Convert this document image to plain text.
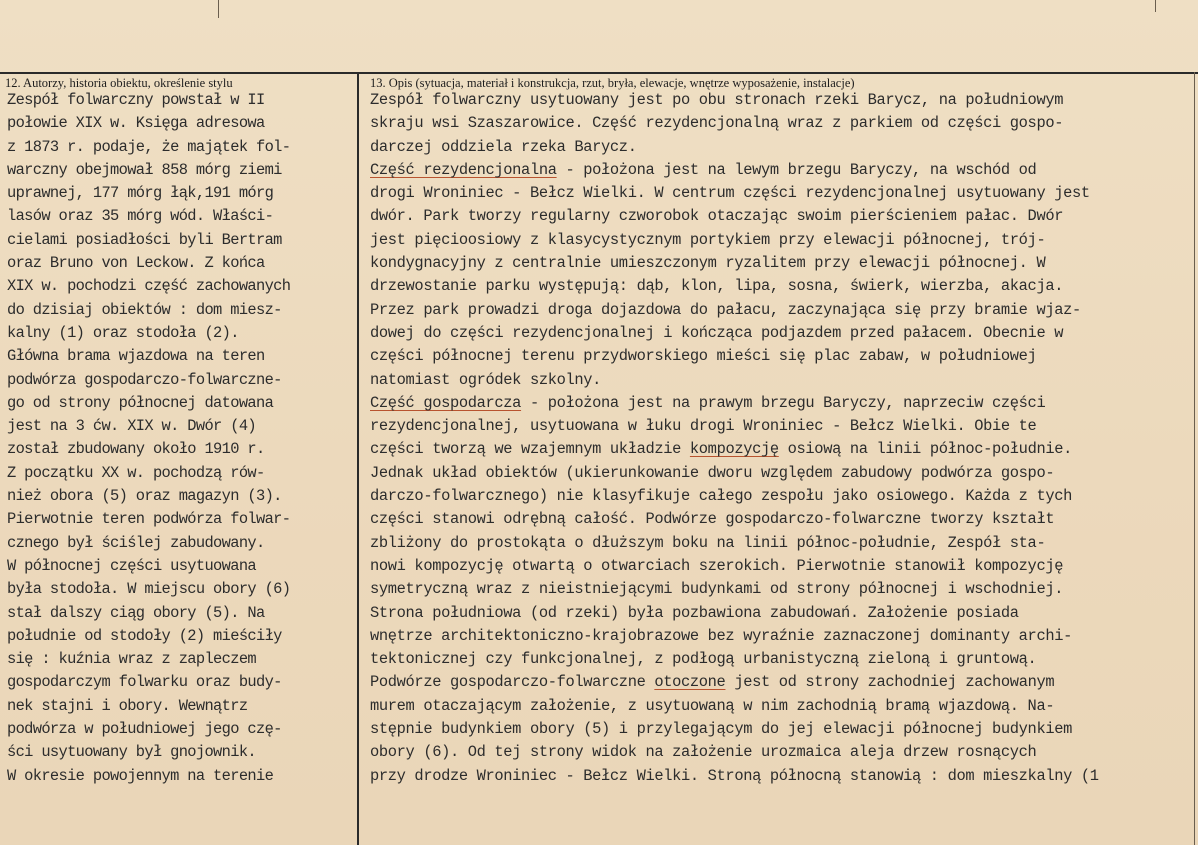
12. Autorzy, historia obiektu, określenie stylu	13. Opis (sytuacja, materiał i konstrukcja, rzut, bryła, elewacje, wnętrze wyposażenie, instalacje)
Zespół folwarczny powstał w II
połowie XIX w. Księga adresowa
z 1873 r. podaje, że majątek fol-
warczny obejmował 858 mórg ziemi
uprawnej, 177 mórg łąk,191 mórg
lasów oraz 35 mórg wód. Właści-
cielami posiadłości byli Bertram
oraz Bruno von Leckow. Z końca
XIX w. pochodzi część zachowanych
do dzisiaj obiektów : dom miesz-
kalny (1) oraz stodoła (2).
Główna brama wjazdowa na teren
podwórza gospodarczo-folwarczne-
go od strony północnej datowana
jest na 3 ćw. XIX w. Dwór (4)
został zbudowany około 1910 r.
Z początku XX w. pochodzą rów-
nież obora (5) oraz magazyn (3).
Pierwotnie teren podwórza folwar-
cznego był ściślej zabudowany.
W północnej części usytuowana
była stodoła. W miejscu obory (6)
stał dalszy ciąg obory (5). Na
południe od stodoły (2) mieściły
się : kuźnia wraz z zapleczem
gospodarczym folwarku oraz budy-
nek stajni i obory. Wewnątrz
podwórza w południowej jego czę-
ści usytuowany był gnojownik.
W okresie powojennym na terenie
Zespół folwarczny usytuowany jest po obu stronach rzeki Barycz, na południowym
skraju wsi Szaszarowice. Część rezydencjonalną wraz z parkiem od części gospo-
darczej oddziela rzeka Barycz.
Część rezydencjonalna - położona jest na lewym brzegu Baryczy, na wschód od
drogi Wroniniec - Bełcz Wielki. W centrum części rezydencjonalnej usytuowany jest
dwór. Park tworzy regularny czworobok otaczając swoim pierścieniem pałac. Dwór
jest pięcioosiowy z klasycystycznym portykiem przy elewacji północnej, trój-
kondygnacyjny z centralnie umieszczonym ryzalitem przy elewacji północnej. W
drzewostanie parku występują: dąb, klon, lipa, sosna, świerk, wierzba, akacja.
Przez park prowadzi droga dojazdowa do pałacu, zaczynająca się przy bramie wjaz-
dowej do części rezydencjonalnej i kończąca podjazdem przed pałacem. Obecnie w
części północnej terenu przydworskiego mieści się plac zabaw, w południowej
natomiast ogródek szkolny.
Część gospodarcza - położona jest na prawym brzegu Baryczy, naprzeciw części
rezydencjonalnej, usytuowana w łuku drogi Wroniniec - Bełcz Wielki. Obie te
części tworzą we wzajemnym układzie kompozycję osiową na linii północ-południe.
Jednak układ obiektów (ukierunkowanie dworu względem zabudowy podwórza gospo-
darczo-folwarcznego) nie klasyfikuje całego zespołu jako osiowego. Każda z tych
części stanowi odrębną całość. Podwórze gospodarczo-folwarczne tworzy kształt
zbliżony do prostokąta o dłuższym boku na linii północ-południe, Zespół sta-
nowi kompozycję otwartą o otwarciach szerokich. Pierwotnie stanowił kompozycję
symetryczną wraz z nieistniejącymi budynkami od strony północnej i wschodniej.
Strona południowa (od rzeki) była pozbawiona zabudowań. Założenie posiada
wnętrze architektoniczno-krajobrazowe bez wyraźnie zaznaczonej dominanty archi-
tektonicznej czy funkcjonalnej, z podłogą urbanistyczną zieloną i gruntową.
Podwórze gospodarczo-folwarczne otoczone jest od strony zachodniej zachowanym
murem otaczającym założenie, z usytuowaną w nim zachodnią bramą wjazdową. Na-
stępnie budynkiem obory (5) i przylegającym do jej elewacji północnej budynkiem
obory (6). Od tej strony widok na założenie urozmaica aleja drzew rosnących
przy drodze Wroniniec - Bełcz Wielki. Stroną północną stanowią : dom mieszkalny (1
